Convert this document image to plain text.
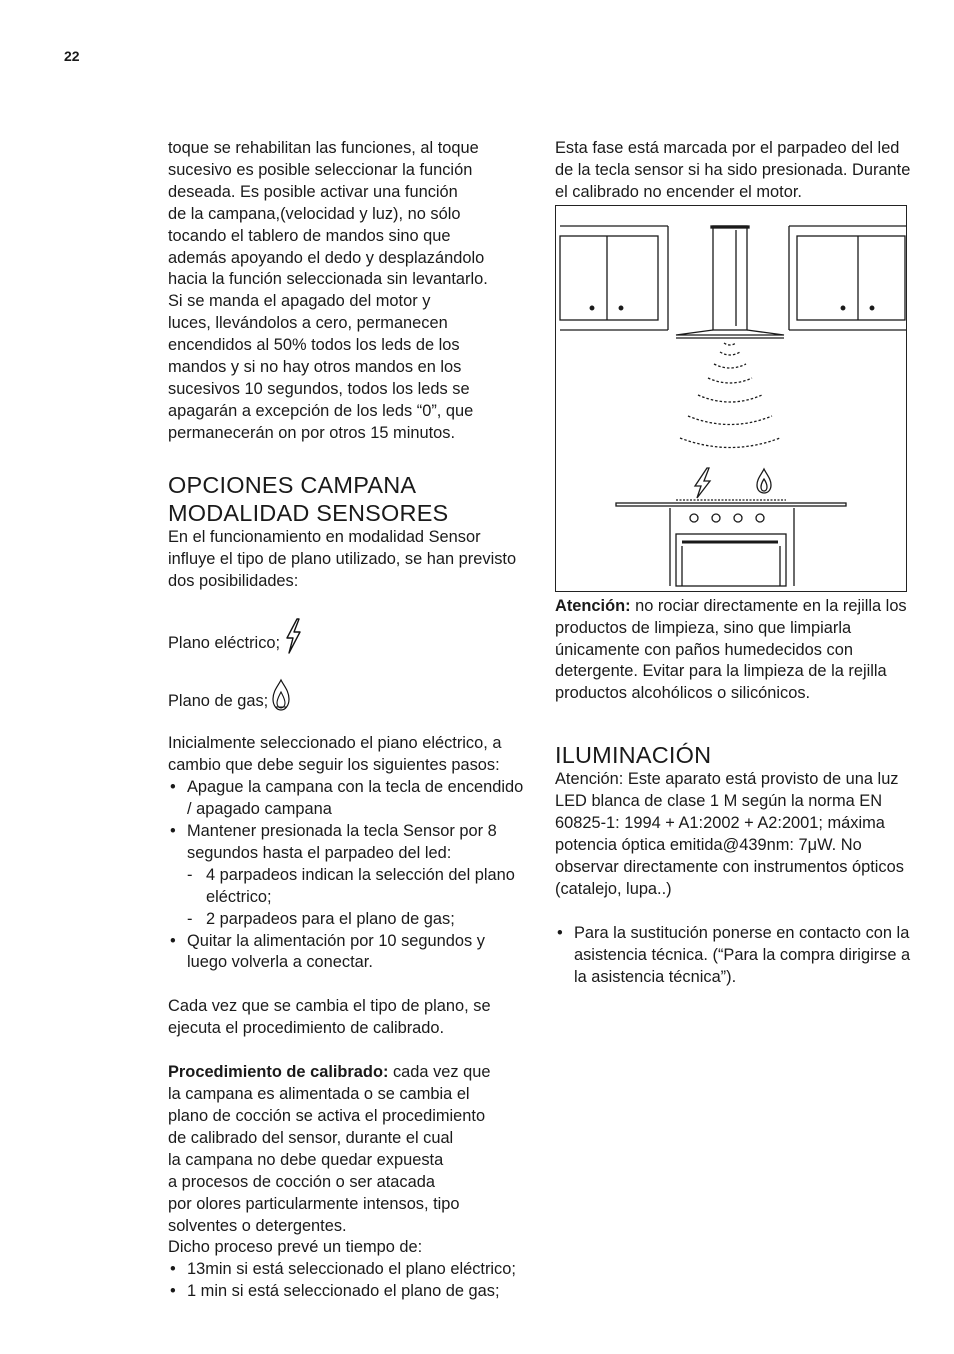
22

toque se rehabilitan las funciones, al toque

sucesivo es posible seleccionar la función

deseada. Es posible activar una función

de la campana,(velocidad y luz), no sólo

tocando el tablero de mandos sino que

además apoyando el dedo y desplazándolo

hacia la función seleccionada sin levantarlo.

Si se manda el apagado del motor y

luces, llevándolos a cero, permanecen

encendidos al 50% todos los leds de los

mandos y si no hay otros mandos en los

sucesivos 10 segundos, todos los leds se

apagarán a excepción de los leds “0”, que

permanecerán on por otros 15 minutos.

OPCIONES CAMPANA
MODALIDAD SENSORES

En el funcionamiento en modalidad Sensor influye el tipo de plano utilizado, se han previsto dos posibilidades:

Plano eléctrico;
Plano de gas;

Inicialmente seleccionado el piano eléctrico, a cambio que debe seguir los siguientes pasos:

• Apague la campana con la tecla de encendido / apagado campana
• Mantener presionada la tecla Sensor por 8 segundos hasta el parpadeo del led:
- 4 parpadeos indican la selección del plano eléctrico;
- 2 parpadeos para el plano de gas;
• Quitar la alimentación por 10 segundos y luego volverla a conectar.

Cada vez que se cambia el tipo de plano, se ejecuta el procedimiento de calibrado.

Procedimiento de calibrado: cada vez que

la campana es alimentada o se cambia el

plano de cocción se activa el procedimiento

de calibrado del sensor, durante el cual

la campana no debe quedar expuesta

a procesos de cocción o ser atacada

por olores particularmente intensos, tipo

solventes o detergentes.

Dicho proceso prevé un tiempo de:

• 13min si está seleccionado el plano eléctrico;
• 1 min si está seleccionado el plano de gas;

Esta fase está marcada por el parpadeo del led de la tecla sensor si ha sido presionada. Durante el calibrado no encender el motor.

Atención: no rociar directamente en la rejilla los productos de limpieza, sino que limpiarla únicamente con paños humedecidos con detergente. Evitar para la limpieza de la rejilla productos alcohólicos o silicónicos.

ILUMINACIÓN

Atención: Este aparato está provisto de una luz LED blanca de clase 1 M según la norma EN 60825-1: 1994 + A1:2002 + A2:2001; máxima potencia óptica emitida@439nm: 7μW. No observar directamente con instrumentos ópticos (catalejo, lupa..)

• Para la sustitución ponerse en contacto con la asistencia técnica. (“Para la compra dirigirse a la asistencia técnica”).
